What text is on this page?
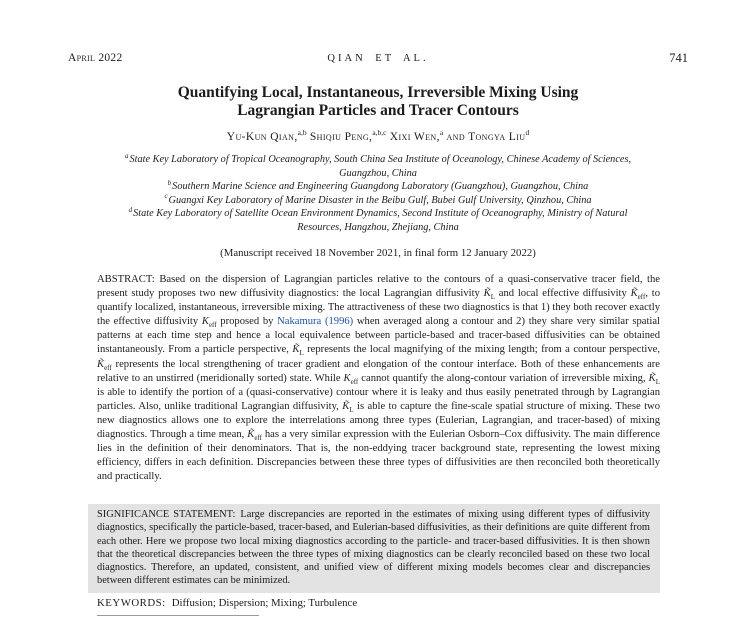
April 2022	QIAN ET AL.	741
Quantifying Local, Instantaneous, Irreversible Mixing Using Lagrangian Particles and Tracer Contours
Yu-Kun Qian,$^{a,b}$ Shiqiu Peng,$^{a,b,c}$ Xixi Wen,$^a$ and Tongya Liu$^d$
$^a$State Key Laboratory of Tropical Oceanography, South China Sea Institute of Oceanology, Chinese Academy of Sciences, Guangzhou, China
$^b$Southern Marine Science and Engineering Guangdong Laboratory (Guangzhou), Guangzhou, China
$^c$Guangxi Key Laboratory of Marine Disaster in the Beibu Gulf, Bubei Gulf University, Qinzhou, China
$^d$State Key Laboratory of Satellite Ocean Environment Dynamics, Second Institute of Oceanography, Ministry of Natural Resources, Hangzhou, Zhejiang, China
(Manuscript received 18 November 2021, in final form 12 January 2022)
ABSTRACT: Based on the dispersion of Lagrangian particles relative to the contours of a quasi-conservative tracer field, the present study proposes two new diffusivity diagnostics: the local Lagrangian diffusivity $K̃_L$ and local effective diffusivity $K̃_{eff}$, to quantify localized, instantaneous, irreversible mixing. The attractiveness of these two diagnostics is that 1) they both recover exactly the effective diffusivity $K_{eff}$ proposed by Nakamura (1996) when averaged along a contour and 2) they share very similar spatial patterns at each time step and hence a local equivalence between particle-based and tracer-based diffusivities can be obtained instantaneously. From a particle perspective, $K̃_L$ represents the local magnifying of the mixing length; from a contour perspective, $K̃_{eff}$ represents the local strengthening of tracer gradient and elongation of the contour interface. Both of these enhancements are relative to an unstirred (meridionally sorted) state. While $K_{eff}$ cannot quantify the along-contour variation of irreversible mixing, $K̃_L$ is able to identify the portion of a (quasi-conservative) contour where it is leaky and thus easily penetrated through by Lagrangian particles. Also, unlike traditional Lagrangian diffusivity, $K̃_L$ is able to capture the fine-scale spatial structure of mixing. These two new diagnostics allows one to explore the interrelations among three types (Eulerian, Lagrangian, and tracer-based) of mixing diagnostics. Through a time mean, $K̃_{eff}$ has a very similar expression with the Eulerian Osborn–Cox diffusivity. The main difference lies in the definition of their denominators. That is, the non-eddying tracer background state, representing the lowest mixing efficiency, differs in each definition. Discrepancies between these three types of diffusivities are then reconciled both theoretically and practically.
SIGNIFICANCE STATEMENT: Large discrepancies are reported in the estimates of mixing using different types of diffusivity diagnostics, specifically the particle-based, tracer-based, and Eulerian-based diffusivities, as their definitions are quite different from each other. Here we propose two local mixing diagnostics according to the particle- and tracer-based diffusivities. It is then shown that the theoretical discrepancies between the three types of mixing diagnostics can be clearly reconciled based on these two local diagnostics. Therefore, an updated, consistent, and unified view of different mixing models becomes clear and discrepancies between different estimates can be minimized.
KEYWORDS: Diffusion; Dispersion; Mixing; Turbulence
